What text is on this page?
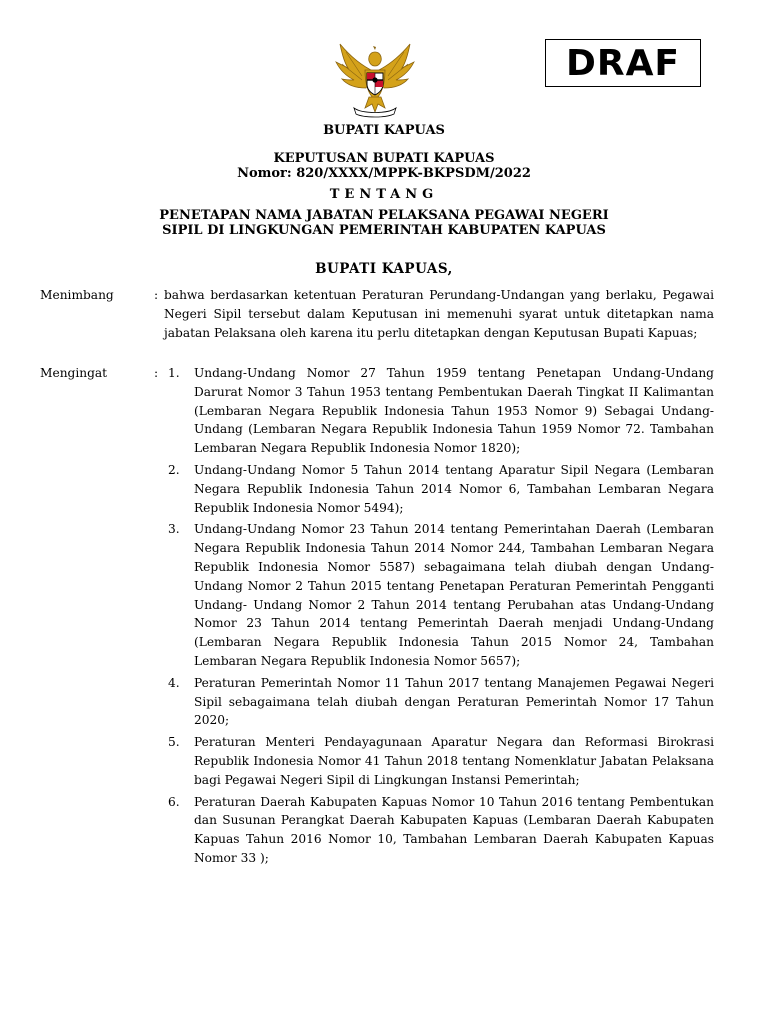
DRAF
BUPATI KAPUAS
KEPUTUSAN BUPATI KAPUAS
Nomor: 820/XXXX/MPPK-BKPSDM/2022
TENTANG
PENETAPAN NAMA JABATAN PELAKSANA PEGAWAI NEGERI
SIPIL DI LINGKUNGAN PEMERINTAH KABUPATEN KAPUAS
BUPATI KAPUAS,
Menimbang	: bahwa berdasarkan ketentuan Peraturan Perundang-Undangan yang berlaku, Pegawai Negeri Sipil tersebut dalam Keputusan ini memenuhi syarat untuk ditetapkan nama jabatan Pelaksana oleh karena itu perlu ditetapkan dengan Keputusan Bupati Kapuas;
Mengingat	: 1. Undang-Undang Nomor 27 Tahun 1959 tentang Penetapan Undang-Undang Darurat Nomor 3 Tahun 1953 tentang Pembentukan Daerah Tingkat II Kalimantan (Lembaran Negara Republik Indonesia Tahun 1953 Nomor 9) Sebagai Undang-Undang (Lembaran Negara Republik Indonesia Tahun 1959 Nomor 72. Tambahan Lembaran Negara Republik Indonesia Nomor 1820);
2. Undang-Undang Nomor 5 Tahun 2014 tentang Aparatur Sipil Negara (Lembaran Negara Republik Indonesia Tahun 2014 Nomor 6, Tambahan Lembaran Negara Republik Indonesia Nomor 5494);
3. Undang-Undang Nomor 23 Tahun 2014 tentang Pemerintahan Daerah (Lembaran Negara Republik Indonesia Tahun 2014 Nomor 244, Tambahan Lembaran Negara Republik Indonesia Nomor 5587) sebagaimana telah diubah dengan Undang-Undang Nomor 2 Tahun 2015 tentang Penetapan Peraturan Pemerintah Pengganti Undang- Undang Nomor 2 Tahun 2014 tentang Perubahan atas Undang-Undang Nomor 23 Tahun 2014 tentang Pemerintah Daerah menjadi Undang-Undang (Lembaran Negara Republik Indonesia Tahun 2015 Nomor 24, Tambahan Lembaran Negara Republik Indonesia Nomor 5657);
4. Peraturan Pemerintah Nomor 11 Tahun 2017 tentang Manajemen Pegawai Negeri Sipil sebagaimana telah diubah dengan Peraturan Pemerintah Nomor 17 Tahun 2020;
5. Peraturan Menteri Pendayagunaan Aparatur Negara dan Reformasi Birokrasi Republik Indonesia Nomor 41 Tahun 2018 tentang Nomenklatur Jabatan Pelaksana bagi Pegawai Negeri Sipil di Lingkungan Instansi Pemerintah;
6. Peraturan Daerah Kabupaten Kapuas Nomor 10 Tahun 2016 tentang Pembentukan dan Susunan Perangkat Daerah Kabupaten Kapuas (Lembaran Daerah Kabupaten Kapuas Tahun 2016 Nomor 10, Tambahan Lembaran Daerah Kabupaten Kapuas Nomor 33 );
